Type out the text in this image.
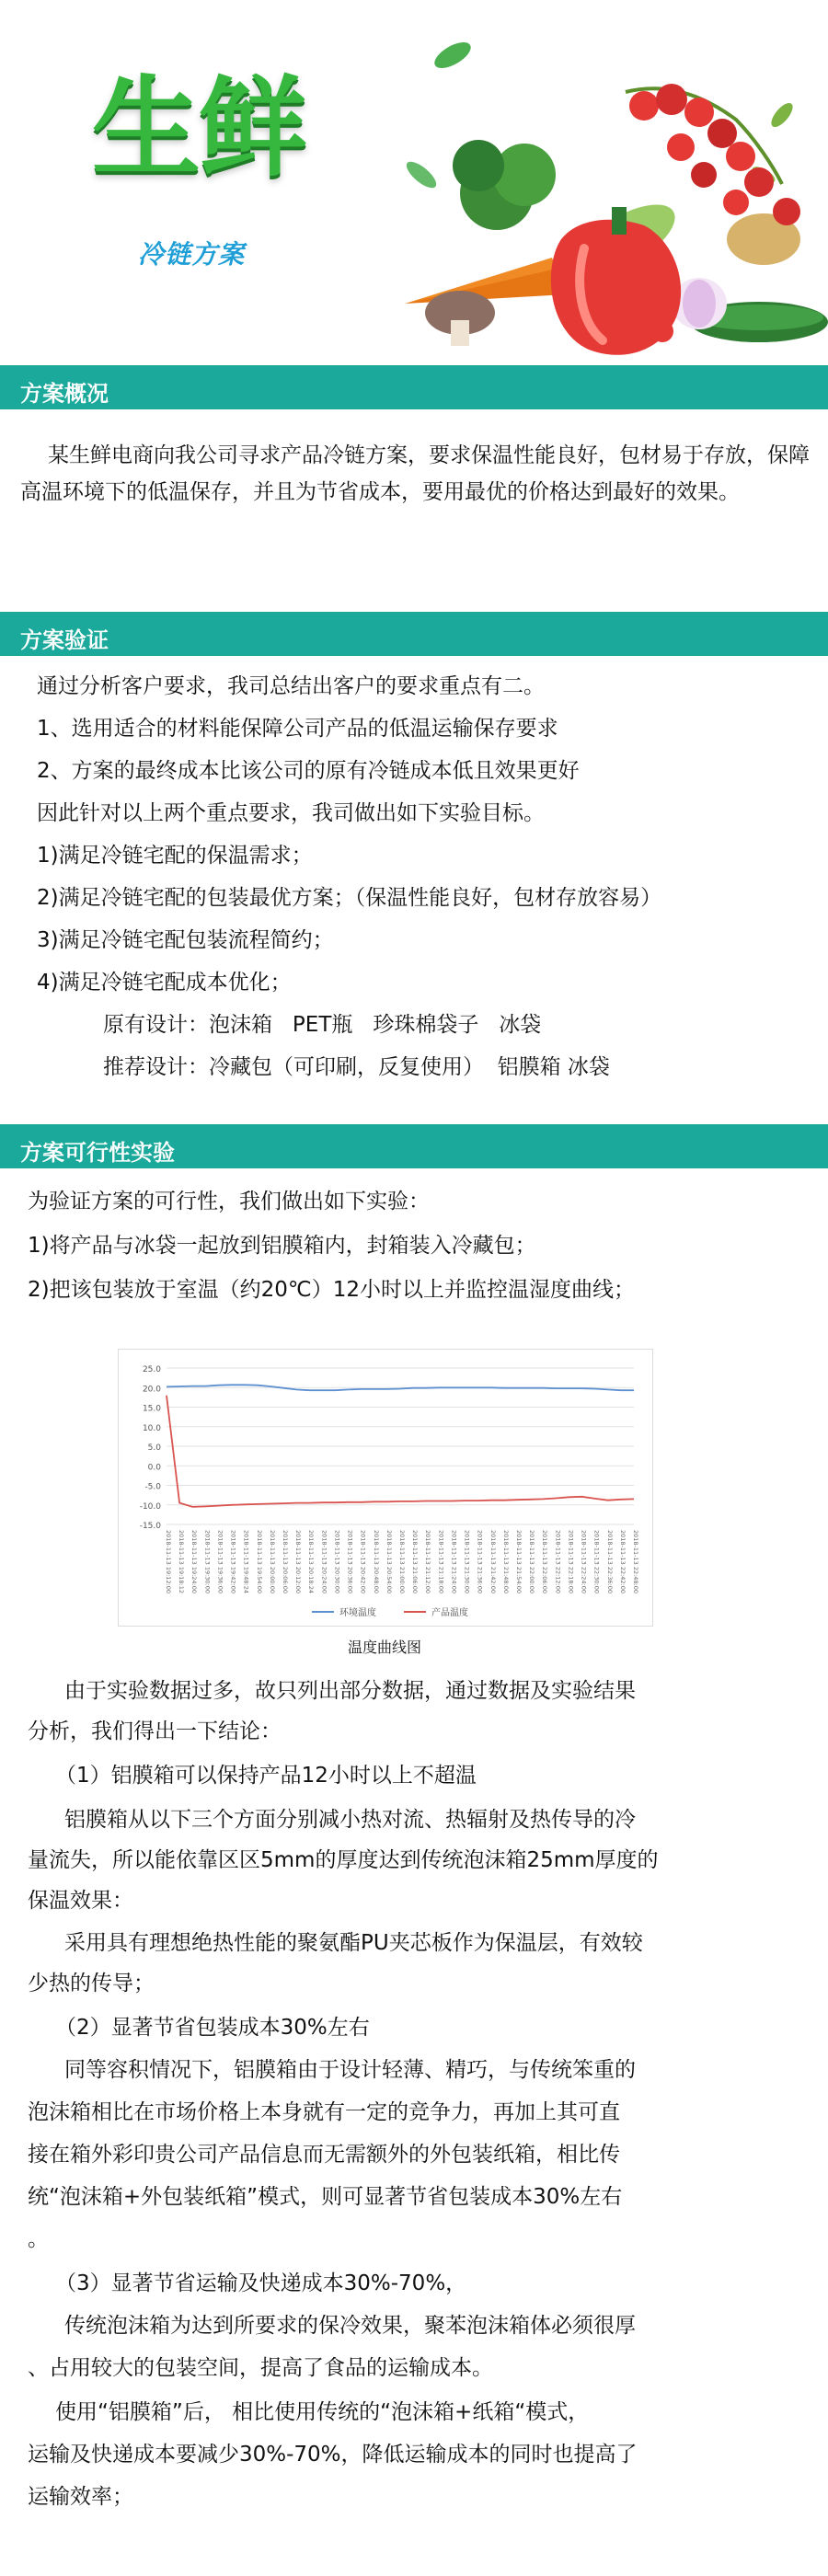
生鲜
冷链方案
方案概况
某生鲜电商向我公司寻求产品冷链方案，要求保温性能良好，包材易于存放，保障高温环境下的低温保存，并且为节省成本，要用最优的价格达到最好的效果。
方案验证
通过分析客户要求，我司总结出客户的要求重点有二。
1、选用适合的材料能保障公司产品的低温运输保存要求
2、方案的最终成本比该公司的原有冷链成本低且效果更好
因此针对以上两个重点要求，我司做出如下实验目标。
1)满足冷链宅配的保温需求；
2)满足冷链宅配的包装最优方案；（保温性能良好，包材存放容易）
3)满足冷链宅配包装流程简约；
4)满足冷链宅配成本优化；
原有设计：泡沫箱   PET瓶   珍珠棉袋子   冰袋
推荐设计：冷藏包（可印刷，反复使用）  铝膜箱 冰袋
方案可行性实验
为验证方案的可行性，我们做出如下实验：
1)将产品与冰袋一起放到铝膜箱内，封箱装入冷藏包；
2)把该包装放于室温（约20℃）12小时以上并监控温湿度曲线；
25.0
20.0
15.0
10.0
5.0
0.0
-5.0
-10.0
-15.0
2018-11-13 19:12:00 2018-11-13 19:18:12 2018-11-13 19:24:00 2018-11-13 19:30:00 2018-11-13 19:36:00 2018-11-13 19:42:00 2018-11-13 19:48:24 2018-11-13 19:54:00 2018-11-13 20:00:00 2018-11-13 20:06:00 2018-11-13 20:12:00 2018-11-13 20:18:24 2018-11-13 20:24:00 2018-11-13 20:30:00 2018-11-13 20:36:00 2018-11-13 20:42:00 2018-11-13 20:48:00 2018-11-13 20:54:00 2018-11-13 21:00:00 2018-11-13 21:06:00 2018-11-13 21:12:00 2018-11-13 21:18:00 2018-11-13 21:24:00 2018-11-13 21:30:00 2018-11-13 21:36:00 2018-11-13 21:42:00 2018-11-13 21:48:00 2018-11-13 21:54:00 2018-11-13 22:00:00 2018-11-13 22:06:00 2018-11-13 22:12:00 2018-11-13 22:18:00 2018-11-13 22:24:00 2018-11-13 22:30:00 2018-11-13 22:36:00 2018-11-13 22:42:00 2018-11-13 22:48:00
环境温度	产品温度
温度曲线图
由于实验数据过多，故只列出部分数据，通过数据及实验结果
分析，我们得出一下结论：
（1）铝膜箱可以保持产品12小时以上不超温
铝膜箱从以下三个方面分别减小热对流、热辐射及热传导的冷
量流失，所以能依靠区区5mm的厚度达到传统泡沫箱25mm厚度的
保温效果：
采用具有理想绝热性能的聚氨酯PU夹芯板作为保温层，有效较
少热的传导；
（2）显著节省包装成本30%左右
同等容积情况下，铝膜箱由于设计轻薄、精巧，与传统笨重的
泡沫箱相比在市场价格上本身就有一定的竞争力，再加上其可直
接在箱外彩印贵公司产品信息而无需额外的外包装纸箱，相比传
统“泡沫箱+外包装纸箱”模式，则可显著节省包装成本30%左右
。
（3）显著节省运输及快递成本30%-70%，
传统泡沫箱为达到所要求的保冷效果，聚苯泡沫箱体必须很厚
、占用较大的包装空间，提高了食品的运输成本。
使用“铝膜箱”后， 相比使用传统的“泡沫箱+纸箱“模式，
运输及快递成本要减少30%-70%，降低运输成本的同时也提高了
运输效率；
